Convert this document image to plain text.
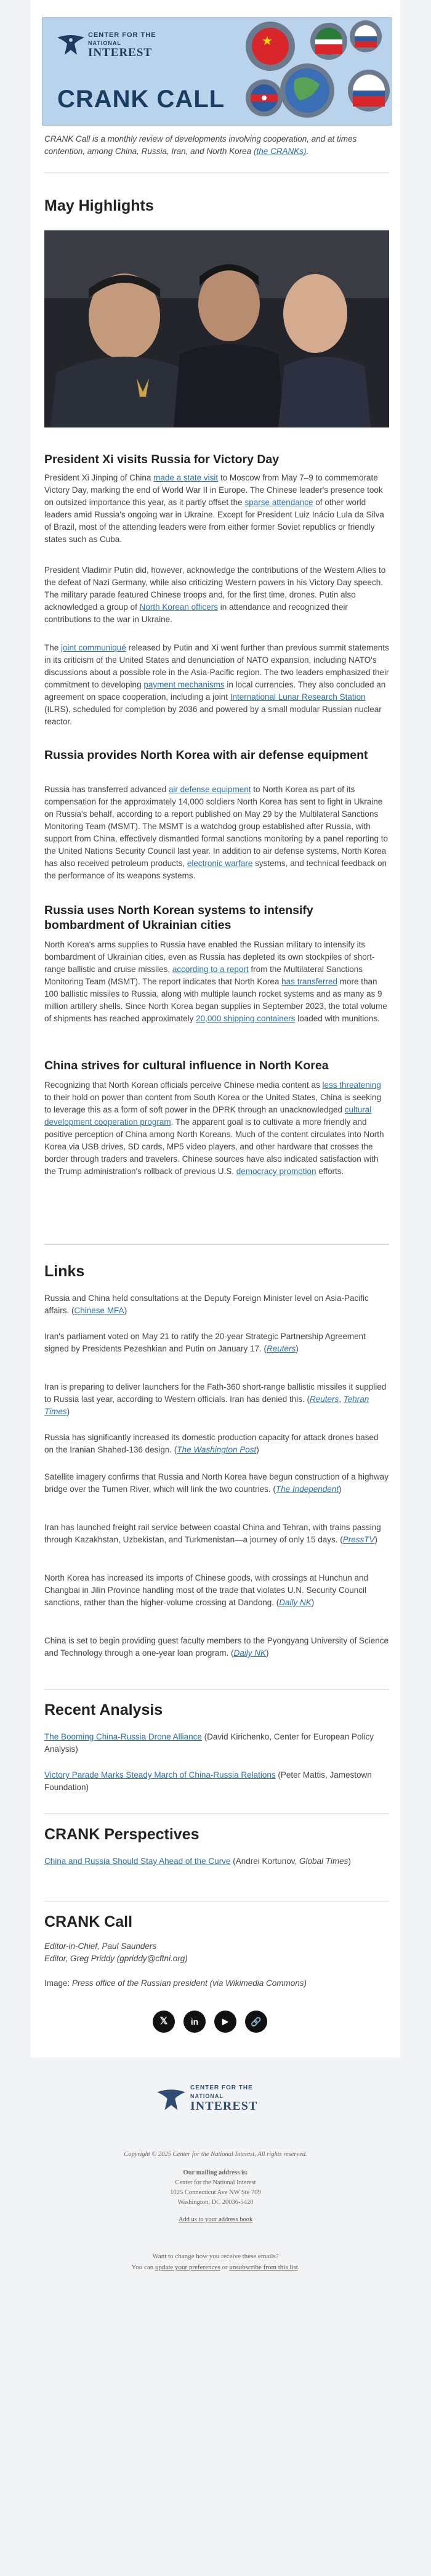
CENTER FOR THE
NATIONAL
INTEREST
★
CRANK CALL
CRANK Call is a monthly review of developments involving cooperation, and at times contention, among China, Russia, Iran, and North Korea (the CRANKs).
May Highlights
President Xi visits Russia for Victory Day
President Xi Jinping of China made a state visit to Moscow from May 7–9 to commemorate Victory Day, marking the end of World War II in Europe. The Chinese leader's presence took on outsized importance this year, as it partly offset the sparse attendance of other world leaders amid Russia's ongoing war in Ukraine. Except for President Luiz Inácio Lula da Silva of Brazil, most of the attending leaders were from either former Soviet republics or friendly states such as Cuba.
President Vladimir Putin did, however, acknowledge the contributions of the Western Allies to the defeat of Nazi Germany, while also criticizing Western powers in his Victory Day speech. The military parade featured Chinese troops and, for the first time, drones. Putin also acknowledged a group of North Korean officers in attendance and recognized their contributions to the war in Ukraine.
The joint communiqué released by Putin and Xi went further than previous summit statements in its criticism of the United States and denunciation of NATO expansion, including NATO's discussions about a possible role in the Asia-Pacific region. The two leaders emphasized their commitment to developing payment mechanisms in local currencies. They also concluded an agreement on space cooperation, including a joint International Lunar Research Station (ILRS), scheduled for completion by 2036 and powered by a small modular Russian nuclear reactor.
Russia provides North Korea with air defense equipment
Russia has transferred advanced air defense equipment to North Korea as part of its compensation for the approximately 14,000 soldiers North Korea has sent to fight in Ukraine on Russia's behalf, according to a report published on May 29 by the Multilateral Sanctions Monitoring Team (MSMT). The MSMT is a watchdog group established after Russia, with support from China, effectively dismantled formal sanctions monitoring by a panel reporting to the United Nations Security Council last year. In addition to air defense systems, North Korea has also received petroleum products, electronic warfare systems, and technical feedback on the performance of its weapons systems.
Russia uses North Korean systems to intensify bombardment of Ukrainian cities
North Korea's arms supplies to Russia have enabled the Russian military to intensify its bombardment of Ukrainian cities, even as Russia has depleted its own stockpiles of short-range ballistic and cruise missiles, according to a report from the Multilateral Sanctions Monitoring Team (MSMT). The report indicates that North Korea has transferred more than 100 ballistic missiles to Russia, along with multiple launch rocket systems and as many as 9 million artillery shells. Since North Korea began supplies in September 2023, the total volume of shipments has reached approximately 20,000 shipping containers loaded with munitions.
China strives for cultural influence in North Korea
Recognizing that North Korean officials perceive Chinese media content as less threatening to their hold on power than content from South Korea or the United States, China is seeking to leverage this as a form of soft power in the DPRK through an unacknowledged cultural development cooperation program. The apparent goal is to cultivate a more friendly and positive perception of China among North Koreans. Much of the content circulates into North Korea via USB drives, SD cards, MP5 video players, and other hardware that crosses the border through traders and travelers. Chinese sources have also indicated satisfaction with the Trump administration's rollback of previous U.S. democracy promotion efforts.
Links
Russia and China held consultations at the Deputy Foreign Minister level on Asia-Pacific affairs. (Chinese MFA)
Iran's parliament voted on May 21 to ratify the 20-year Strategic Partnership Agreement signed by Presidents Pezeshkian and Putin on January 17. (Reuters)
Iran is preparing to deliver launchers for the Fath-360 short-range ballistic missiles it supplied to Russia last year, according to Western officials. Iran has denied this. (Reuters, Tehran Times)
Russia has significantly increased its domestic production capacity for attack drones based on the Iranian Shahed-136 design. (The Washington Post)
Satellite imagery confirms that Russia and North Korea have begun construction of a highway bridge over the Tumen River, which will link the two countries. (The Independent)
Iran has launched freight rail service between coastal China and Tehran, with trains passing through Kazakhstan, Uzbekistan, and Turkmenistan—a journey of only 15 days. (PressTV)
North Korea has increased its imports of Chinese goods, with crossings at Hunchun and Changbai in Jilin Province handling most of the trade that violates U.N. Security Council sanctions, rather than the higher-volume crossing at Dandong. (Daily NK)
China is set to begin providing guest faculty members to the Pyongyang University of Science and Technology through a one-year loan program. (Daily NK)
Recent Analysis
The Booming China-Russia Drone Alliance (David Kirichenko, Center for European Policy Analysis)
Victory Parade Marks Steady March of China-Russia Relations (Peter Mattis, Jamestown Foundation)
CRANK Perspectives
China and Russia Should Stay Ahead of the Curve (Andrei Kortunov, Global Times)
CRANK Call
Editor-in-Chief, Paul Saunders
Editor, Greg Priddy (gpriddy@cftni.org)
Image: Press office of the Russian president (via Wikimedia Commons)
𝕏	in	▶	🔗
CENTER FOR THE
NATIONAL
INTEREST
Copyright © 2025 Center for the National Interest, All rights reserved.
Our mailing address is:
Center for the National Interest
1025 Connecticut Ave NW Ste 709
Washington, DC 20036-5420
Add us to your address book
Want to change how you receive these emails?
You can update your preferences or unsubscribe from this list.
